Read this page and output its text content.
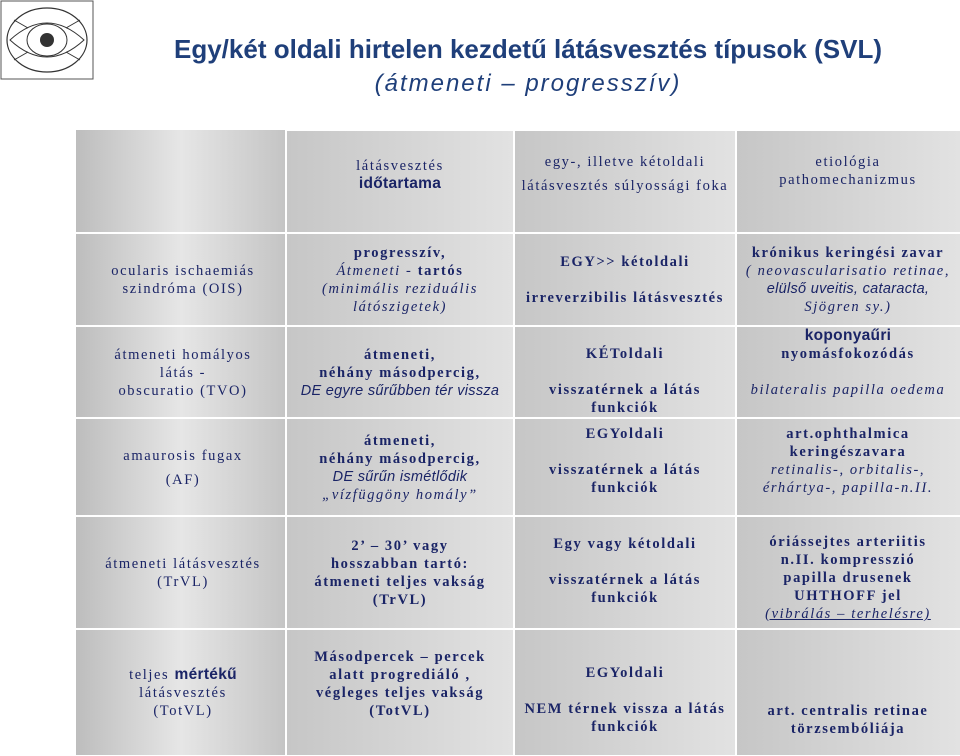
Egy/két oldali hirtelen kezdetű látásvesztés típusok (SVL)
(átmeneti – progresszív)
látásvesztés
időtartama
egy-, illetve kétoldali
látásvesztés súlyossági foka
etiológia
pathomechanizmus
ocularis ischaemiás szindróma (OIS)
progresszív,
Átmeneti - tartós
(minimális reziduális látószigetek)
EGY>> kétoldali
irreverzibilis látásvesztés
krónikus keringési zavar
( neovascularisatio retinae,
elülső uveitis, cataracta,
Sjögren sy.)
átmeneti homályos látás -
obscuratio (TVO)
átmeneti,
néhány másodpercig,
DE egyre sűrűbben tér vissza
KÉToldali
visszatérnek a látás funkciók
koponyaűri
nyomásfokozódás
bilateralis papilla oedema
amaurosis fugax
(AF)
átmeneti,
néhány másodpercig,
DE sűrűn ismétlődik
„vízfüggöny homály”
EGYoldali
visszatérnek a látás funkciók
art.ophthalmica keringészavara
retinalis-, orbitalis-, érhártya-, papilla-n.II.
átmeneti látásvesztés
(TrVL)
2’ – 30’ vagy
hosszabban tartó:
átmeneti teljes vakság
(TrVL)
Egy vagy kétoldali
visszatérnek a látás funkciók
óriássejtes arteriitis
n.II. kompresszió
papilla drusenek
UHTHOFF jel
(vibrálás – terhelésre)
teljes mértékű
látásvesztés
(TotVL)
Másodpercek – percek
alatt progrediáló ,
végleges teljes vakság
(TotVL)
EGYoldali
NEM térnek vissza a látás funkciók
art. centralis retinae
törzsembóliája
